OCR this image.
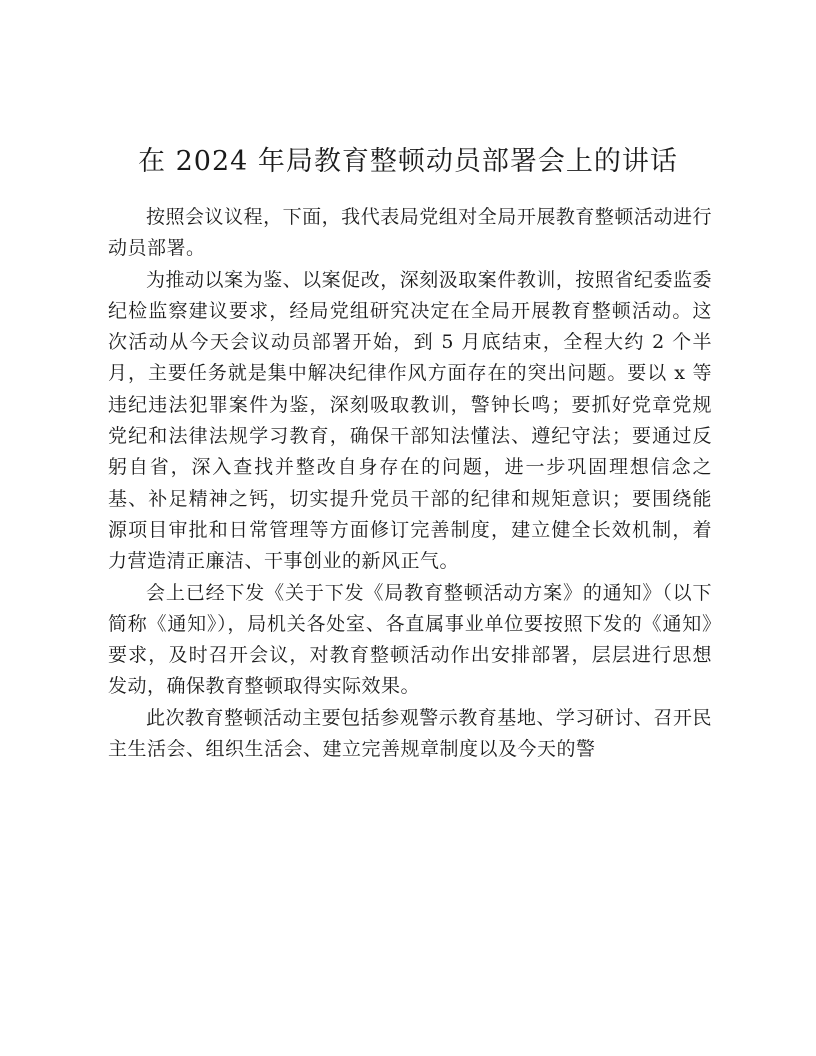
在 2024 年局教育整顿动员部署会上的讲话

按照会议议程，下面，我代表局党组对全局开展教育整顿活动进行动员部署。

为推动以案为鉴、以案促改，深刻汲取案件教训，按照省纪委监委纪检监察建议要求，经局党组研究决定在全局开展教育整顿活动。这次活动从今天会议动员部署开始，到 5 月底结束，全程大约 2 个半月，主要任务就是集中解决纪律作风方面存在的突出问题。要以 x 等违纪违法犯罪案件为鉴，深刻吸取教训，警钟长鸣；要抓好党章党规党纪和法律法规学习教育，确保干部知法懂法、遵纪守法；要通过反躬自省，深入查找并整改自身存在的问题，进一步巩固理想信念之基、补足精神之钙，切实提升党员干部的纪律和规矩意识；要围绕能源项目审批和日常管理等方面修订完善制度，建立健全长效机制，着力营造清正廉洁、干事创业的新风正气。

会上已经下发《关于下发《局教育整顿活动方案》的通知》（以下简称《通知》），局机关各处室、各直属事业单位要按照下发的《通知》要求，及时召开会议，对教育整顿活动作出安排部署，层层进行思想发动，确保教育整顿取得实际效果。

此次教育整顿活动主要包括参观警示教育基地、学习研讨、召开民主生活会、组织生活会、建立完善规章制度以及今天的警
